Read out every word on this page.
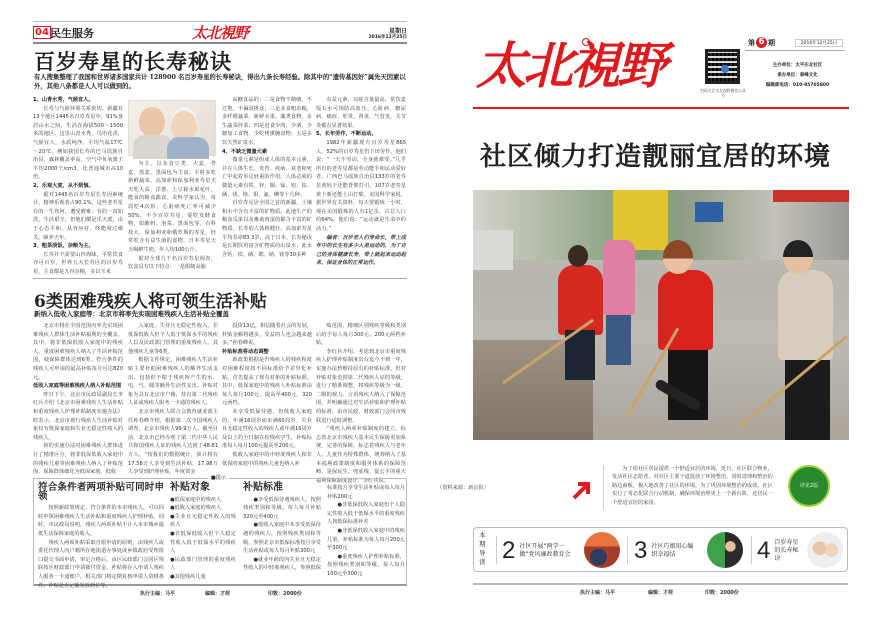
04 民生服务	太北視野	星期日
2016年12月25日
百岁寿星的长寿秘诀
有人搜集整理了我国和世界诸多国家共计 128900 名百岁寿星的长寿秘诀，得出九条长寿经验。除其中的“遗传基因好”属先天因素以外，其他八条都是人人可以做到的。
1、山青水秀，气候宜人。

长寿与气候环境关系密切。新疆有13个地区1445名百岁寿星中，91%身居山水之间，生活在海拔500～1500米的地区。这里山青水秀，鸟语花香，气候宜人，水质纯净，平均气温17℃～20℃。例如我国长寿的巴马瑶族自治县，森林覆盖率高，空气中负氧离子平均2000个/cm3，比普通城市高10倍。

2、乐观大度，从不烦恼。

据对1445名百岁寿星长寿因素统计，精神乐观者占90.1%，这些老寿星有的一生坎坷，遭受磨难；有的一贫如洗，生活艰辛，但他们都是乐天派，由于心态平和，从容应对，终能度过难关，颐养天年。

3、粗茶淡饭，杂粮为主。

长寿并不需要山珍海味，平常饮食亦可百岁。世界五大长寿区的百岁寿星，主食都是五谷杂粮，多以玉米

为主。以多食豆类、大麦、荞麦、黑麦、黑面包为主食。平时多吃新鲜蔬菜。高加索和保加利亚寿星天天吃大蒜、洋葱、土豆和水果花叶，能食的粮食都食。美科学家认为，每周吃4次鱼，心脏病死亡率可减少50%。不少百岁寿星，爱吃发酵食物，如酸奶、泡菜、黑面包等。有科技大、保加利亚和俄罗斯的寿星，经常吃含有益生菌的食物。日本寿星天天喝鲜牛奶，年人均100公斤。

据对全球几千名百岁寿星调查，饮食具有以下特点：一是限制高脂

高糖食品的；二是食物不精细，不过饱，不偏食挑食；三是多食粗杂粮，多纤维蔬菜、新鲜水果、藻类食物，多生蔬菜拌菜；四是进食少肉、少酒、少糖加工食物，少吃烤熏腌食物；五是多饮天然矿泉水。

4、不缺乏微量元素

微量元素是组成人体的基本元素，并在人体生长、发育、疾病、衰老和死亡中起着举足轻重的作用。人体必须的微量元素有铁、锌、铜、锰、铝、钴、硒、镁、铬、钼、氟、碘等十几种。

百岁寿星居全国之首的新疆，土壤和水中含有丰富的矿物质。此地生产的粮食瓜果以及畜禽肉蛋的都含丰富的矿物质。长寿的人体格健壮，高加索寿星平均寿命83.3岁，高于日本。长寿秘诀是长期饮用富含矿物质的山泉水，此水含钙、铁、硒、锶、钠、镁等30多种

有益元素，以硅含量最高。常饮麦饭石水可预防高血压、心脏病、糖尿病、痛症、肝炎、肾炎、气管炎、关节炎都有显著效果。

5、长年劳作，不断运动。

1982年新疆现有百岁寿星865人，52%的百岁寿星仍下田劳作。他们说：“一天不劳动，全身就难受。”几乎所有的老寿星都是劳动能手和运动爱好者。广西巴马瑶族自治县133岁的老寿星黄妈干还能背柴打引，107岁老寿星黄卜新还能上山打柴。美国科学家说，据世界有关资料，每天要锻炼一小时，现在美国锻炼的人有1亿多，占总人口的64%。他们说：“运动就是生命中的活力。”

编者：百岁老人们寿命长，带上成年中的长生有多少人是运动的，为了自己的身体健康长寿，带上就起来运动起来，保证身体的正常运作。

6类困难残疾人将可领生活补贴
新纳入低收入家庭等：北京市将率先实现困难残疾人生活补贴全覆盖

北京市将在全国范围内率先实现困难残疾人群体生活补贴福利的全覆盖。其中，将非低保低收入家庭中的残疾人、重度困难残疾人纳入了生活补贴范围，使保障群体达到6类。符合条件的残疾人可申请的最高补贴每月可达820元。

低收入家庭等困难残疾人纳入补贴范围

昨日下午，北京市民政局副局长李红兵介绍《北京市困难残疾人生活补贴和重度残疾人护理补贴制度实施办法》时表示，北京市现行残疾人生活补贴对象仅有低保家庭和失业无稳定性收入的残疾人。

新的实施办法对困难残疾人群体进行了精准区分，将非低保低收入家庭中的残疾儿童等困难残疾人纳入了补贴范围，保障群体细化为低保家庭、低收

入家庭、失业且无稳定性收入、非低保低收入但个人低于低保水平的残疾人以及民政部门管理的重度残疾人、其他残疾儿童等6类。

根据文件规定，困难残疾人生活补贴主要补助困难残疾人的额外生活支出，包括但不限于残疾所产生的水、电、气、暖等额外生活性支出。补贴对象为具有北京市户籍，持有第二代残疾人证或残疾人服务一卡通的残疾人。

北京市残疾人联合会教育就业部主任孙春峰介绍，根据第二次全国残疾人调查，北京市残疾人99.9万人。截至目前，北京市已经办理了第二代中华人民共和国残疾人证的残疾人达到了48.81万人。“按我们的数据统计，预计将有17.58万人享受到生活补贴，17.98万人享受到护理补贴，年度资金

投资13亿。相信随着社会的发展，补贴金额将越多，受益的人也会越来越多。”孙春峰说。

补贴标准将动态调整

新政策根据是否残疾人的残疾程度对困难程度按不同标准给予差异化补贴，首先提高了现有对象的补贴标准。其中，低保家庭中的残疾人补贴标准由每人每月100元，提高至400元、320元两档。

未享受低保待遇，但低收入家庭的、年满16周岁而未满60周岁、失业且无稳定性收入的残疾人或年满16周岁及以上的全日制在校残疾学生，补贴标准每人每月100元提高至200元。

低收入家庭中的中轻度残疾人和非低保的家庭中的残疾儿童也纳入补

贴范围，精细区别残疾等级和类别后给予每人每月300元、200元两档补贴。

李红兵介绍，考虑到北京市重度残疾人护理补贴制度出台迄今不到一年，实施办法暂维持原有的补贴标准，但对补贴对象范围第二代残疾人证的等级，进行了精准调整，将残疾等级为一级、二级的视力、言语残疾人纳入了保障范围，并明确通过对生活补贴和护理补贴的标准，由市民政、财政部门会同市残联进行适时调整。

“残疾人两项补贴制度的建立，标志着北京市残疾人基本民生保障更加系统、完善的保障，标志着残疾人与老年人、儿童作为特殊群体，统筹纳入了基本福利政策制度和服务体系的保障范畴，是保民生、兜底线、促公平的重大福利保障制度设计。”李红兵说。

■提示
符合条件者两项补贴可同时申领

按照新政策规定，符合条件的本市残疾人，可以同时申领困难残疾人生活补贴和重度残疾人护理补贴。同时，市民政局说明，残疾人两项补贴不计入本市城乡最低生活保障家庭的收入。

残疾人两项补贴采取自愿申请的原则，由残疾人或委托代理人向户籍所在地街道办事处或乡镇政府受理窗口提交书面申请，审定合格后，由区民政部门会同区残联按区财政部门申请拨付资金，补贴将存入申请人残疾人服务一卡通账户，相关部门将定期复核申请人资格条件，补贴是否足额发放到位等。

补贴对象
●低保家庭中的残疾人
●低收入家庭的残疾人
●失业且无稳定性收入的残疾人
●非低保低收入但个人稳定性收入低于低保水平的残疾人
●民政部门管理的重度残疾人
●其他残疾儿童
补贴标准

●享受低保待遇残疾人，按照残疾类别和等级，每人每月补贴320元至400元

●低收入家庭中未享受低保待遇的残疾人，按照残疾类别和等级，参照北京市低保标准按月享受生活补贴或每人每月补贴300元

●就业年龄段内失业且无稳定性收入的中轻度残疾人，参照低保标准按月享受生活补贴或每人每月补贴200元

●非低保低收入家庭但个人稳定性收入低于低保水平的重度残疾人按低保标准补差

●非低保低收入家庭中的残疾儿童，补贴标准为每人每月200元至300元

●重度残疾人护理补贴标准，按照残疾类别和等级，每人每月100元至300元

（资料来源：新京报）
执行主编：马平	编辑：才荷	印数：2000份
太北視野	扫码关注太北视野微信公众号
第 6 期	2016年12月25日
主办单位：太平庄北社区
承办单位：泰峰文化
编辑部电话：010-85705800
社区倾力打造靓丽宜居的环境
为了给社区居民提供一个舒适宜居的环境，近日，社区联合物业，发动社区志愿者，对社区主要干道投放了环境整治，同时清理和整治的路边商贩，极大地改善了社区的环境。为了巩固环境整治的成效，社区实行了常态化联合行动机制，确保环境治理更上一个新台阶，还居民一个舒适宜居的家园。
详见2版
本期导读 2 社区开展“两学一做”党风廉政教育会	3 社区巧娘用心编织幸福结	4 百岁寿星的长寿秘诀
执行主编：马平	编辑：才荷	印数：2000份
